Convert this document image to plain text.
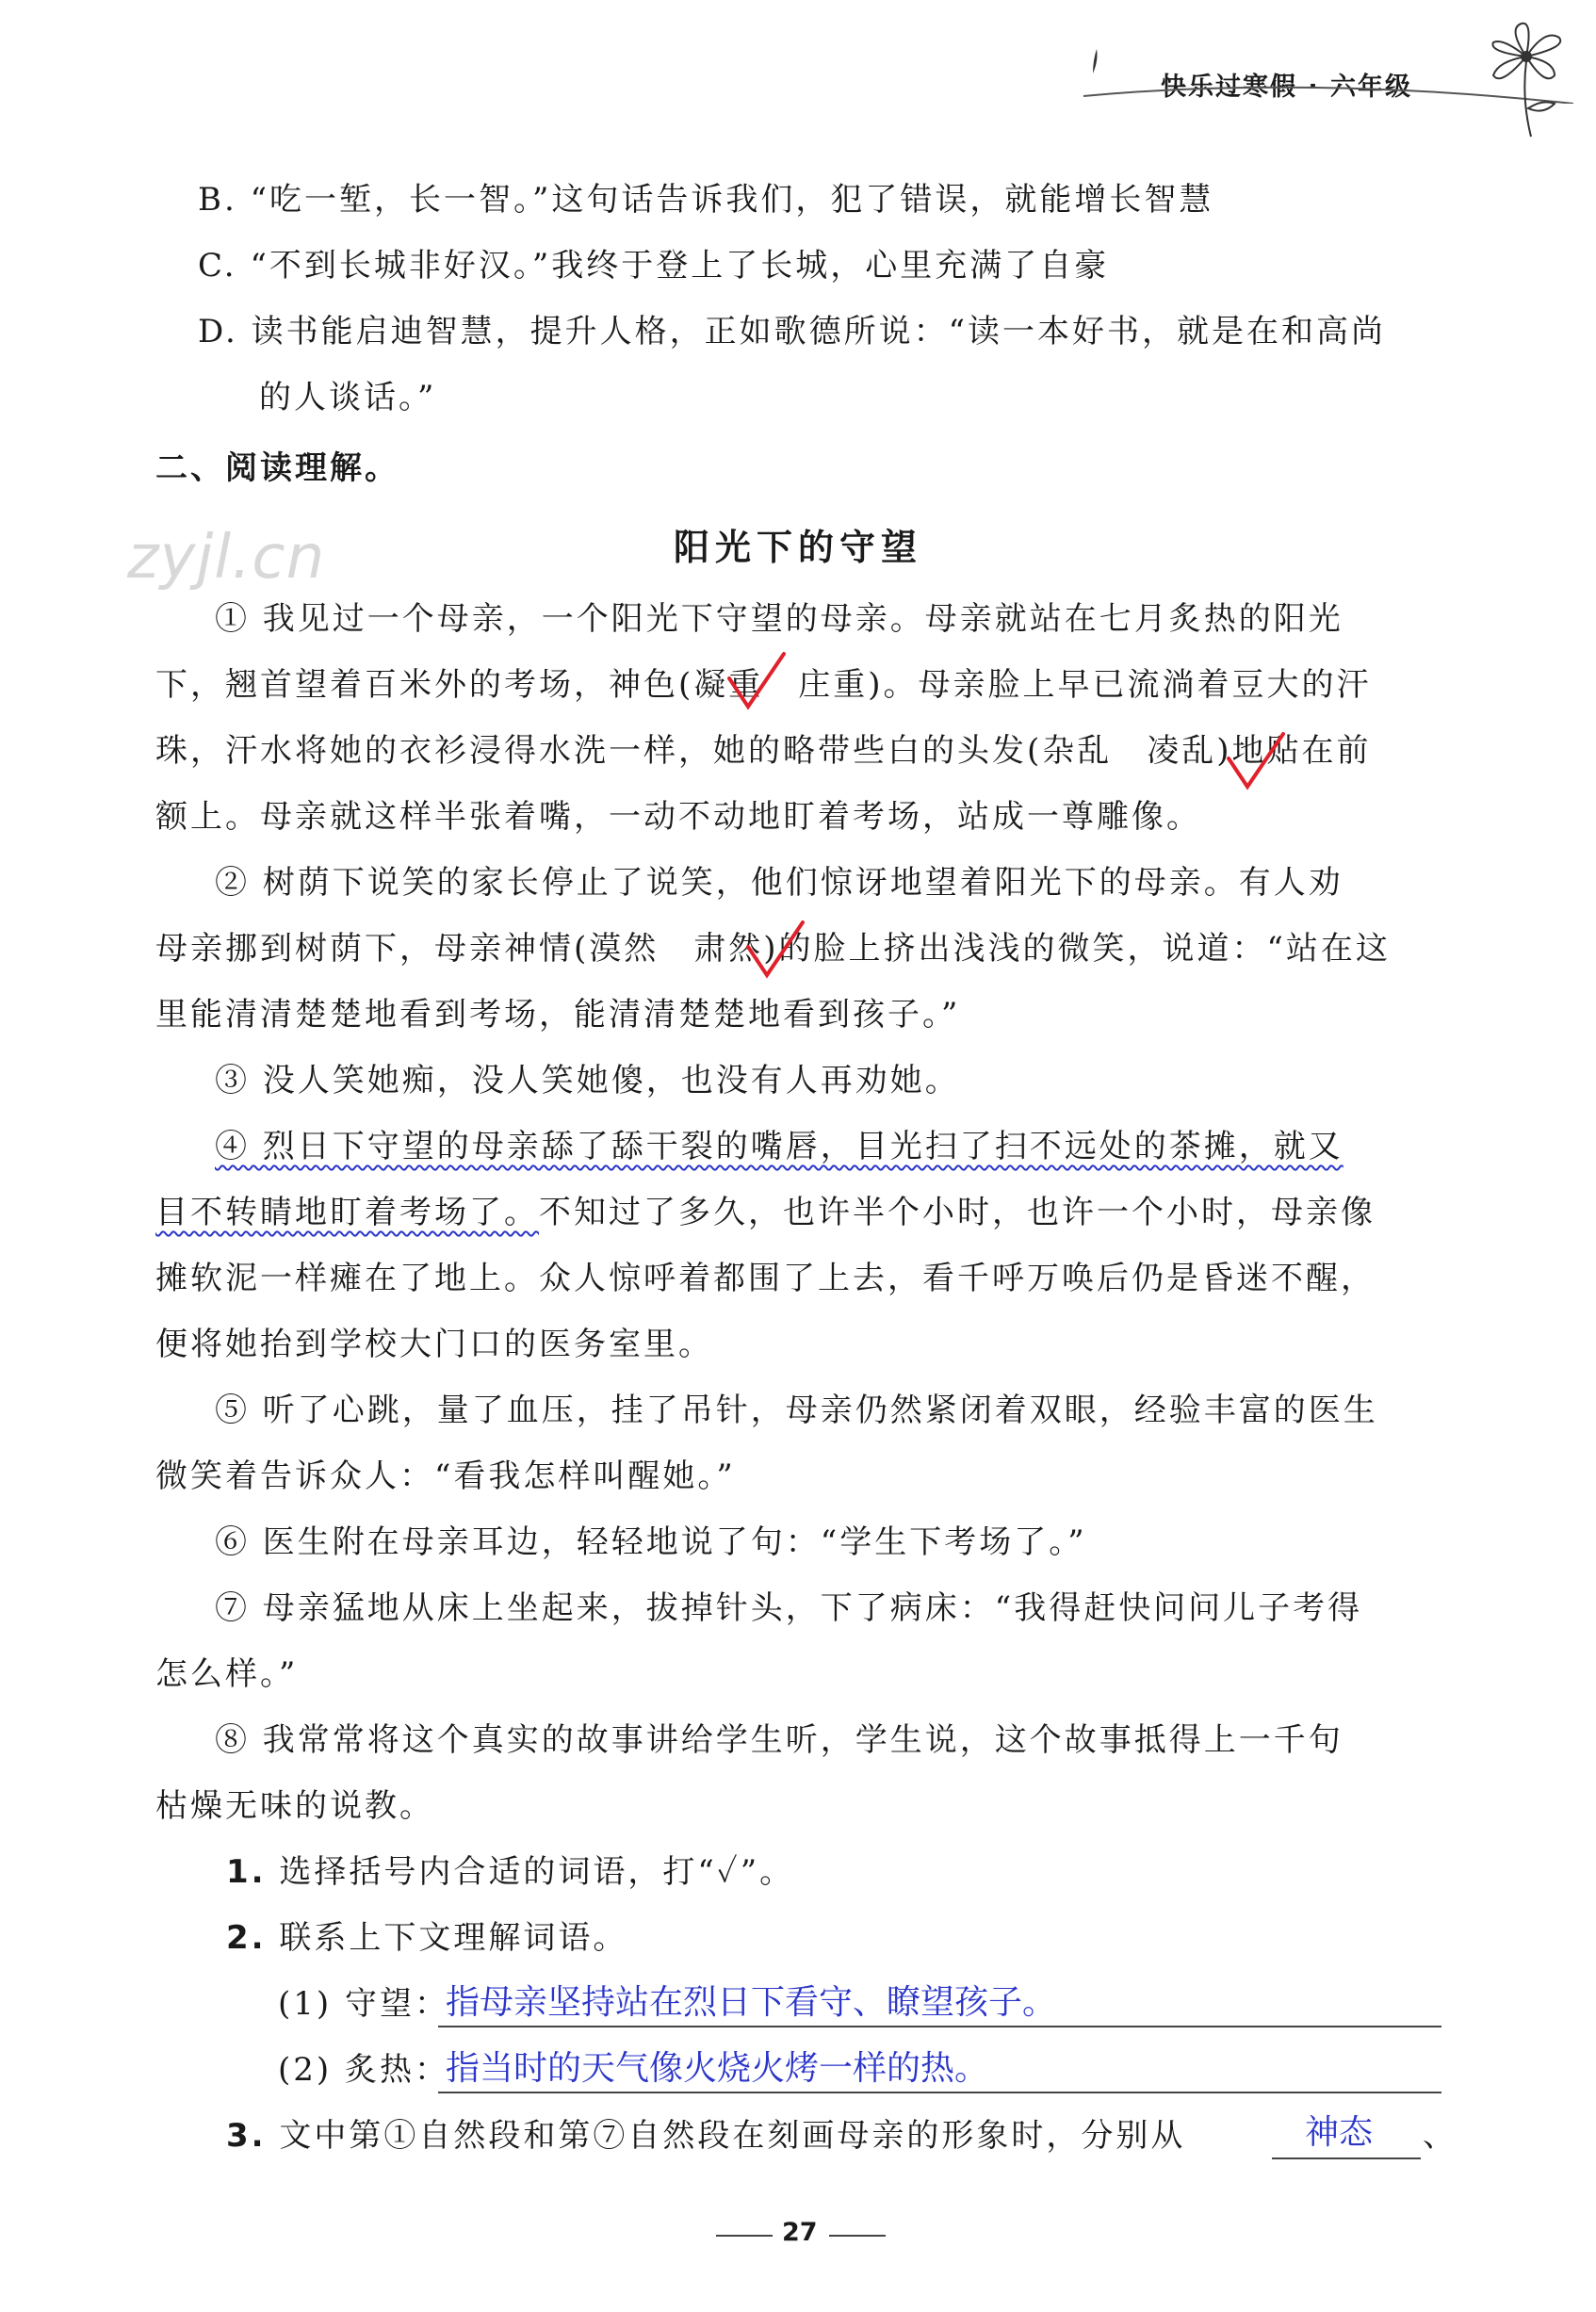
快乐过寒假 · 六年级
zyjl.cn
B. “吃一堑，长一智。”这句话告诉我们，犯了错误，就能增长智慧
C. “不到长城非好汉。”我终于登上了长城，心里充满了自豪
D. 读书能启迪智慧，提升人格，正如歌德所说：“读一本好书，就是在和高尚
的人谈话。”
二、阅读理解。
阳光下的守望
① 我见过一个母亲，一个阳光下守望的母亲。母亲就站在七月炙热的阳光
下，翘首望着百米外的考场，神色(凝重　庄重)。母亲脸上早已流淌着豆大的汗
珠，汗水将她的衣衫浸得水洗一样，她的略带些白的头发(杂乱　凌乱)地贴在前
额上。母亲就这样半张着嘴，一动不动地盯着考场，站成一尊雕像。
② 树荫下说笑的家长停止了说笑，他们惊讶地望着阳光下的母亲。有人劝
母亲挪到树荫下，母亲神情(漠然　肃然)的脸上挤出浅浅的微笑，说道：“站在这
里能清清楚楚地看到考场，能清清楚楚地看到孩子。”
③ 没人笑她痴，没人笑她傻，也没有人再劝她。
④ 烈日下守望的母亲舔了舔干裂的嘴唇，目光扫了扫不远处的茶摊，就又
目不转睛地盯着考场了。不知过了多久，也许半个小时，也许一个小时，母亲像
摊软泥一样瘫在了地上。众人惊呼着都围了上去，看千呼万唤后仍是昏迷不醒，
便将她抬到学校大门口的医务室里。
⑤ 听了心跳，量了血压，挂了吊针，母亲仍然紧闭着双眼，经验丰富的医生
微笑着告诉众人：“看我怎样叫醒她。”
⑥ 医生附在母亲耳边，轻轻地说了句：“学生下考场了。”
⑦ 母亲猛地从床上坐起来，拔掉针头，下了病床：“我得赶快问问儿子考得
怎么样。”
⑧ 我常常将这个真实的故事讲给学生听，学生说，这个故事抵得上一千句
枯燥无味的说教。
1. 选择括号内合适的词语，打“✓”。
2. 联系上下文理解词语。
(1) 守望：
指母亲坚持站在烈日下看守、瞭望孩子。
(2) 炙热：
指当时的天气像火烧火烤一样的热。
3. 文中第①自然段和第⑦自然段在刻画母亲的形象时，分别从	神态 、
27
